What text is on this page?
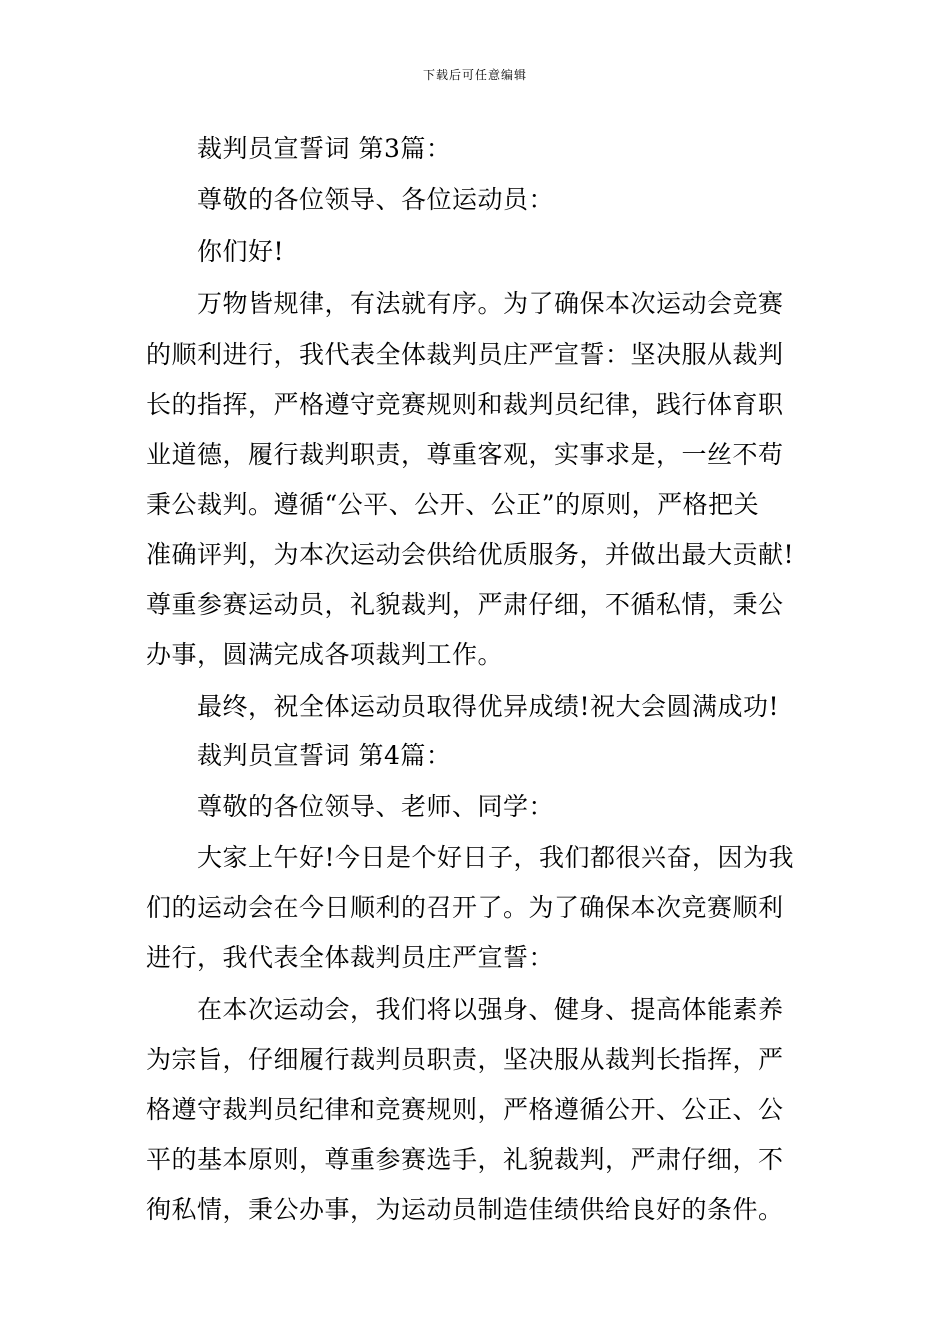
下载后可任意编辑
裁判员宣誓词 第3篇：
尊敬的各位领导、各位运动员：
你们好!
万物皆规律，有法就有序。为了确保本次运动会竞赛
的顺利进行，我代表全体裁判员庄严宣誓：坚决服从裁判
长的指挥，严格遵守竞赛规则和裁判员纪律，践行体育职
业道德，履行裁判职责，尊重客观，实事求是，一丝不苟
秉公裁判。遵循“公平、公开、公正”的原则，严格把关
准确评判，为本次运动会供给优质服务，并做出最大贡献!
尊重参赛运动员，礼貌裁判，严肃仔细，不循私情，秉公
办事，圆满完成各项裁判工作。
最终，祝全体运动员取得优异成绩!祝大会圆满成功!
裁判员宣誓词 第4篇：
尊敬的各位领导、老师、同学：
大家上午好!今日是个好日子，我们都很兴奋，因为我
们的运动会在今日顺利的召开了。为了确保本次竞赛顺利
进行，我代表全体裁判员庄严宣誓：
在本次运动会，我们将以强身、健身、提高体能素养
为宗旨，仔细履行裁判员职责，坚决服从裁判长指挥，严
格遵守裁判员纪律和竞赛规则，严格遵循公开、公正、公
平的基本原则，尊重参赛选手，礼貌裁判，严肃仔细，不
徇私情，秉公办事，为运动员制造佳绩供给良好的条件。
